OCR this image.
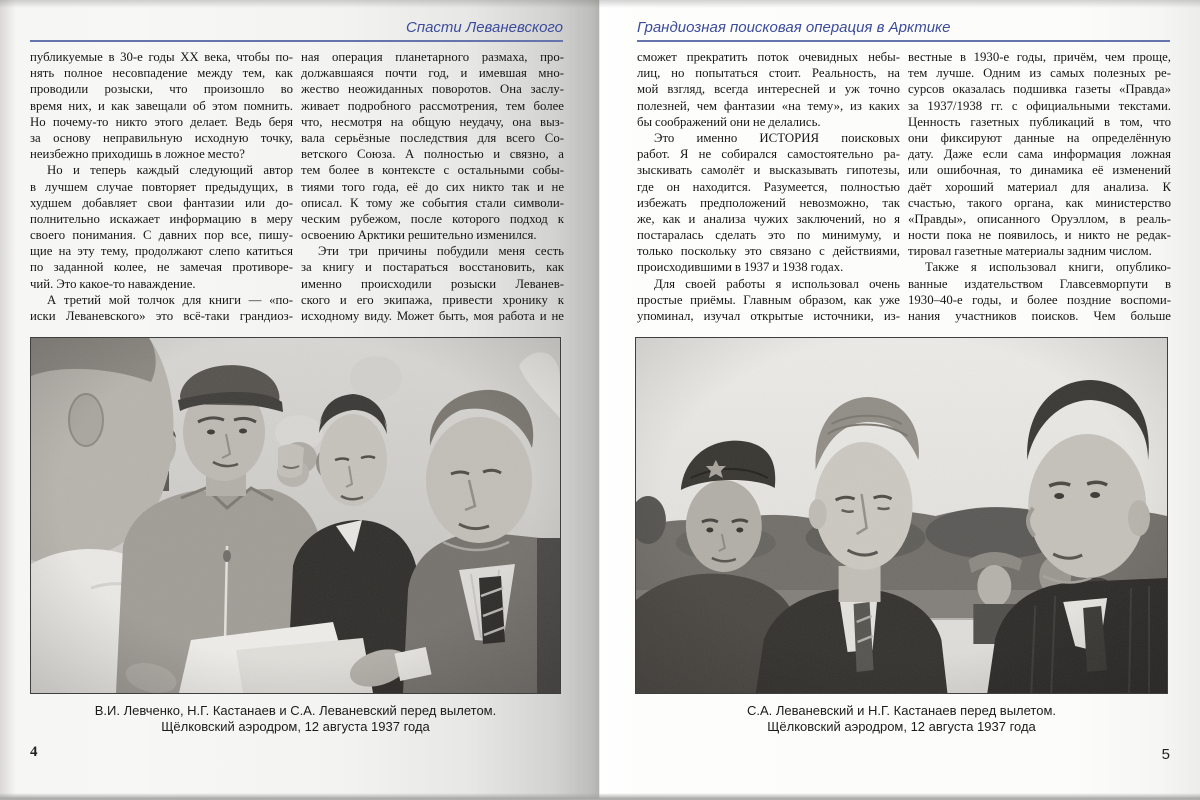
Спасти Леваневского
публикуемые в 30-е годы ХХ века, чтобы по-
нять полное несовпадение между тем, как
проводили розыски, что произошло во
время них, и как завещали об этом помнить.
Но почему-то никто этого делает. Ведь беря
за основу неправильную исходную точку,
неизбежно приходишь в ложное место?
Но и теперь каждый следующий автор
в лучшем случае повторяет предыдущих, в
худшем добавляет свои фантазии или до-
полнительно искажает информацию в меру
своего понимания. С давних пор все, пишу-
щие на эту тему, продолжают слепо катиться
по заданной колее, не замечая противоре-
чий. Это какое-то наваждение.
А третий мой толчок для книги — «по-
иски Леваневского» это всё-таки грандиоз-
ная операция планетарного размаха, про-
должавшаяся почти год, и имевшая мно-
жество неожиданных поворотов. Она заслу-
живает подробного рассмотрения, тем более
что, несмотря на общую неудачу, она выз-
вала серьёзные последствия для всего Со-
ветского Союза. А полностью и связно, а
тем более в контексте с остальными собы-
тиями того года, её до сих никто так и не
описал. К тому же события стали символи-
ческим рубежом, после которого подход к
освоению Арктики решительно изменился.
Эти три причины побудили меня сесть
за книгу и постараться восстановить, как
именно происходили розыски Леванев-
ского и его экипажа, привести хронику к
исходному виду. Может быть, моя работа и не
В.И. Левченко, Н.Г. Кастанаев и С.А. Леваневский перед вылетом.
Щёлковский аэродром, 12 августа 1937 года
4
Грандиозная поисковая операция в Арктике
сможет прекратить поток очевидных небы-
лиц, но попытаться стоит. Реальность, на
мой взгляд, всегда интересней и уж точно
полезней, чем фантазии «на тему», из каких
бы соображений они не делались.
Это именно ИСТОРИЯ поисковых
работ. Я не собирался самостоятельно ра-
зыскивать самолёт и высказывать гипотезы,
где он находится. Разумеется, полностью
избежать предположений невозможно, так
же, как и анализа чужих заключений, но я
постаралась сделать это по минимуму, и
только поскольку это связано с действиями,
происходившими в 1937 и 1938 годах.
Для своей работы я использовал очень
простые приёмы. Главным образом, как уже
упоминал, изучал открытые источники, из-
вестные в 1930-е годы, причём, чем проще,
тем лучше. Одним из самых полезных ре-
сурсов оказалась подшивка газеты «Правда»
за 1937/1938 гг. с официальными текстами.
Ценность газетных публикаций в том, что
они фиксируют данные на определённую
дату. Даже если сама информация ложная
или ошибочная, то динамика её изменений
даёт хороший материал для анализа. К
счастью, такого органа, как министерство
«Правды», описанного Оруэллом, в реаль-
ности пока не появилось, и никто не редак-
тировал газетные материалы задним числом.
Также я использовал книги, опублико-
ванные издательством Главсевморпути в
1930–40-е годы, и более поздние воспоми-
нания участников поисков. Чем больше
С.А. Леваневский и Н.Г. Кастанаев перед вылетом.
Щёлковский аэродром, 12 августа 1937 года
5
